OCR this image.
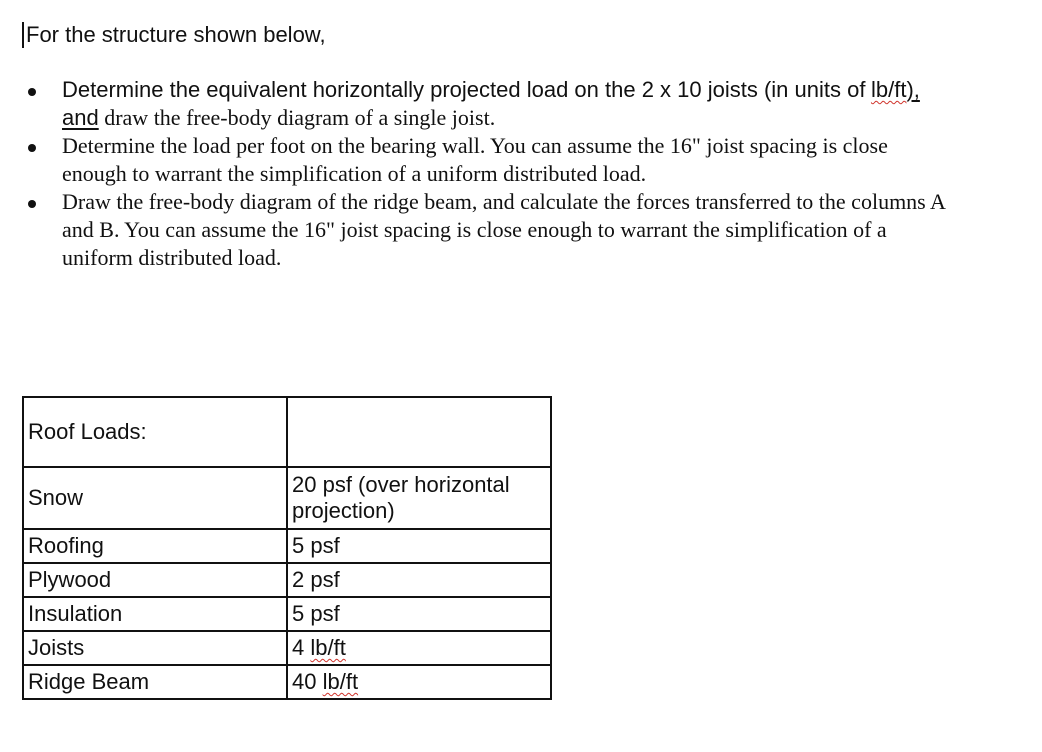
For the structure shown below,

Determine the equivalent horizontally projected load on the 2 x 10 joists (in units of lb/ft), and draw the free-body diagram of a single joist.
Determine the load per foot on the bearing wall. You can assume the 16" joist spacing is close enough to warrant the simplification of a uniform distributed load.
Draw the free-body diagram of the ridge beam, and calculate the forces transferred to the columns A and B. You can assume the 16" joist spacing is close enough to warrant the simplification of a uniform distributed load.
Roof Loads:	
Snow	20 psf (over horizontal projection)
Roofing	5 psf
Plywood	2 psf
Insulation	5 psf
Joists	4 lb/ft
Ridge Beam	40 lb/ft
